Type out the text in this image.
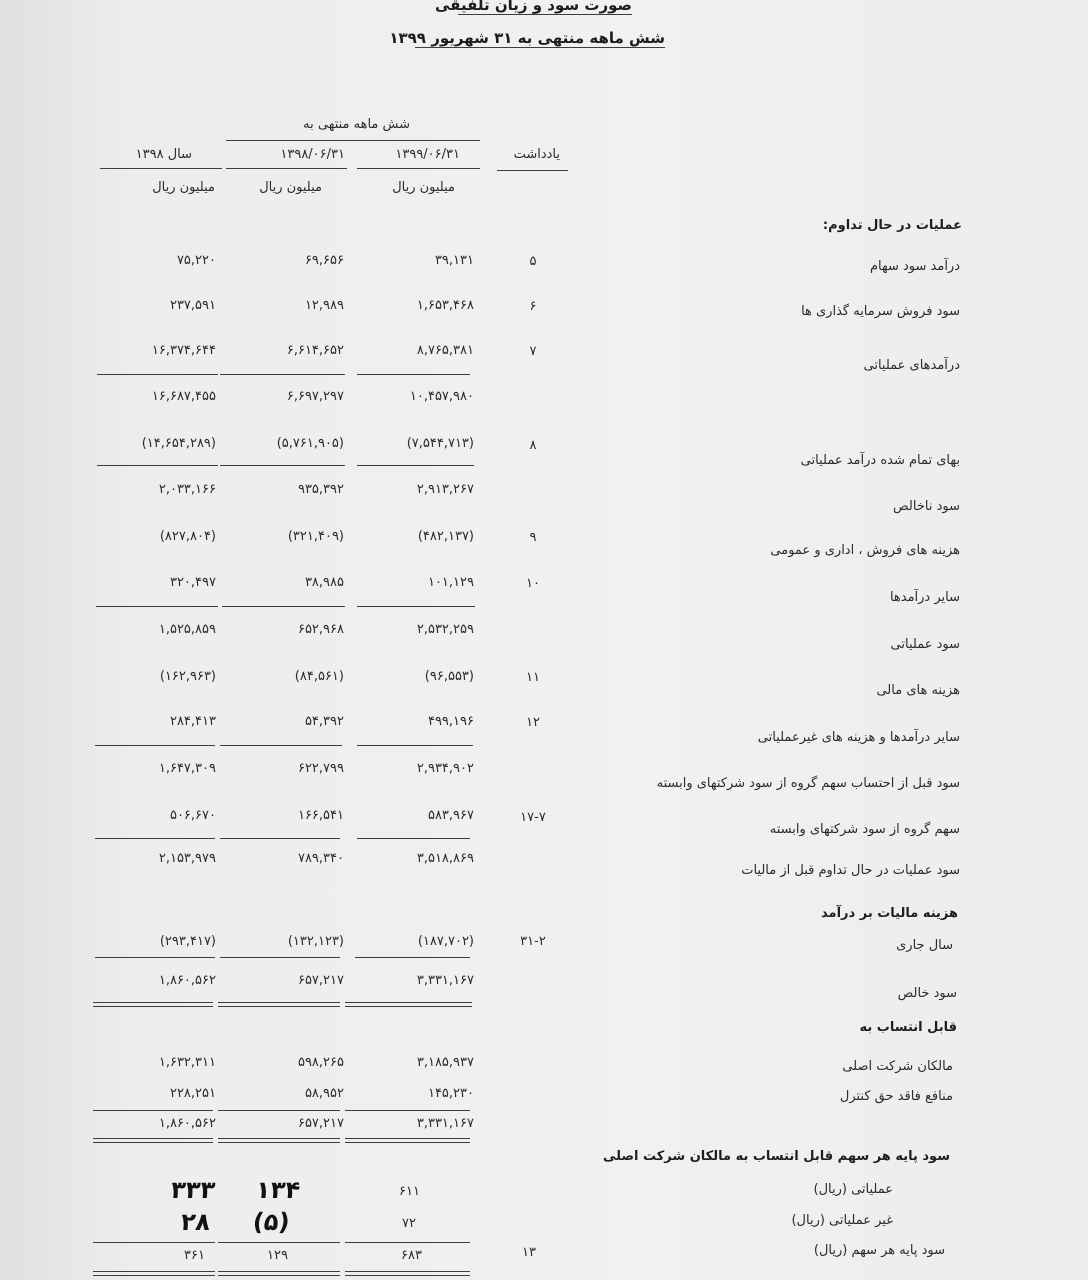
صورت سود و زیان تلفیقی
شش ماهه منتهی به ۳۱ شهریور ۱۳۹۹
شش ماهه منتهی به
یادداشت
۱۳۹۹/۰۶/۳۱
۱۳۹۸/۰۶/۳۱
سال ۱۳۹۸
میلیون ریال
میلیون ریال
میلیون ریال
عملیات در حال تداوم:
درآمد سود سهام
۵
۳۹,۱۳۱
۶۹,۶۵۶
۷۵,۲۲۰
سود فروش سرمایه گذاری ها
۶
۱,۶۵۳,۴۶۸
۱۲,۹۸۹
۲۳۷,۵۹۱
درآمدهای عملیاتی
۷
۸,۷۶۵,۳۸۱
۶,۶۱۴,۶۵۲
۱۶,۳۷۴,۶۴۴
۱۰,۴۵۷,۹۸۰
۶,۶۹۷,۲۹۷
۱۶,۶۸۷,۴۵۵
بهای تمام شده درآمد عملیاتی
۸
(۷,۵۴۴,۷۱۳)
(۵,۷۶۱,۹۰۵)
(۱۴,۶۵۴,۲۸۹)
سود ناخالص
۲,۹۱۳,۲۶۷
۹۳۵,۳۹۲
۲,۰۳۳,۱۶۶
هزینه های فروش ، اداری و عمومی
۹
(۴۸۲,۱۳۷)
(۳۲۱,۴۰۹)
(۸۲۷,۸۰۴)
سایر درآمدها
۱۰
۱۰۱,۱۲۹
۳۸,۹۸۵
۳۲۰,۴۹۷
سود عملیاتی
۲,۵۳۲,۲۵۹
۶۵۲,۹۶۸
۱,۵۲۵,۸۵۹
هزینه های مالی
۱۱
(۹۶,۵۵۳)
(۸۴,۵۶۱)
(۱۶۲,۹۶۳)
سایر درآمدها و هزینه های غیرعملیاتی
۱۲
۴۹۹,۱۹۶
۵۴,۳۹۲
۲۸۴,۴۱۳
سود قبل از احتساب سهم گروه از سود شرکتهای وابسته
۲,۹۳۴,۹۰۲
۶۲۲,۷۹۹
۱,۶۴۷,۳۰۹
سهم گروه از سود شرکتهای وابسته
۱۷-۷
۵۸۳,۹۶۷
۱۶۶,۵۴۱
۵۰۶,۶۷۰
سود عملیات در حال تداوم قبل از مالیات
۳,۵۱۸,۸۶۹
۷۸۹,۳۴۰
۲,۱۵۳,۹۷۹
هزینه مالیات بر درآمد
سال جاری
۳۱-۲
(۱۸۷,۷۰۲)
(۱۳۲,۱۲۳)
(۲۹۳,۴۱۷)
سود خالص
۳,۳۳۱,۱۶۷
۶۵۷,۲۱۷
۱,۸۶۰,۵۶۲
قابل انتساب به
مالکان شرکت اصلی
۳,۱۸۵,۹۳۷
۵۹۸,۲۶۵
۱,۶۳۲,۳۱۱
منافع فاقد حق کنترل
۱۴۵,۲۳۰
۵۸,۹۵۲
۲۲۸,۲۵۱
۳,۳۳۱,۱۶۷
۶۵۷,۲۱۷
۱,۸۶۰,۵۶۲
سود پایه هر سهم قابل انتساب به مالکان شرکت اصلی
عملیاتی (ریال)
۶۱۱
۱۳۴
۳۳۳
غیر عملیاتی (ریال)
۷۲
(۵)
۲۸
سود پایه هر سهم (ریال)
۱۳
۶۸۳
۱۲۹
۳۶۱
